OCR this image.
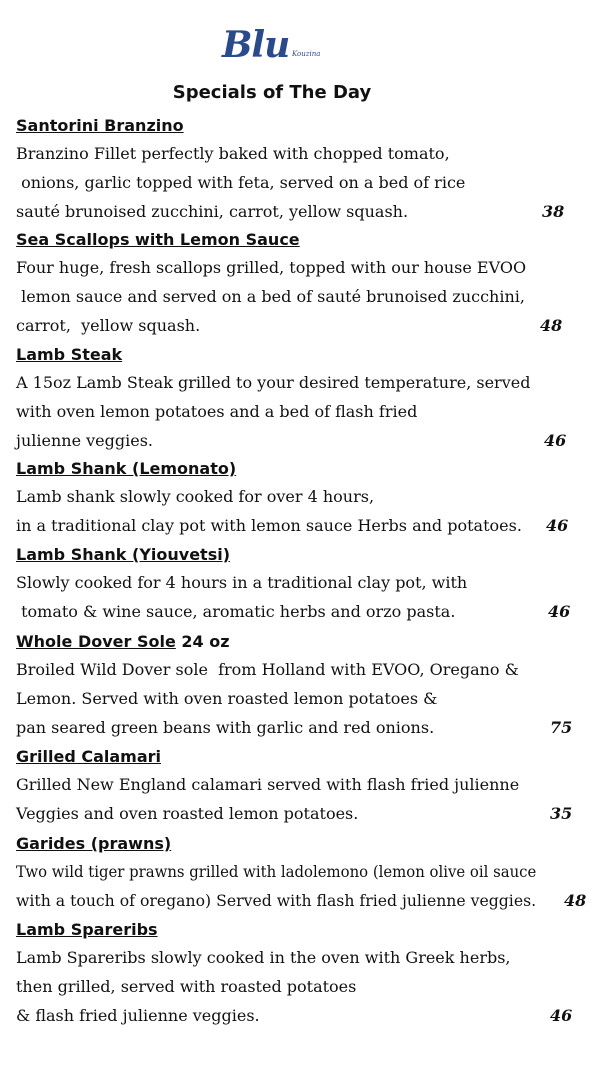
Blu Kouzina
Specials of The Day
Santorini Branzino
Branzino Fillet perfectly baked with chopped tomato,
onions, garlic topped with feta, served on a bed of rice
sauté brunoised zucchini, carrot, yellow squash.	38
Sea Scallops with Lemon Sauce
Four huge, fresh scallops grilled, topped with our house EVOO
lemon sauce and served on a bed of sauté brunoised zucchini,
carrot,  yellow squash.	48
Lamb Steak
A 15oz Lamb Steak grilled to your desired temperature, served
with oven lemon potatoes and a bed of flash fried
julienne veggies.	46
Lamb Shank (Lemonato)
Lamb shank slowly cooked for over 4 hours,
in a traditional clay pot with lemon sauce Herbs and potatoes. 46
Lamb Shank (Yiouvetsi)
Slowly cooked for 4 hours in a traditional clay pot, with
tomato & wine sauce, aromatic herbs and orzo pasta.	46
Whole Dover Sole 24 oz
Broiled Wild Dover sole  from Holland with EVOO, Oregano &
Lemon. Served with oven roasted lemon potatoes &
pan seared green beans with garlic and red onions.	75
Grilled Calamari
Grilled New England calamari served with flash fried julienne
Veggies and oven roasted lemon potatoes.	35
Garides (prawns)
Two wild tiger prawns grilled with ladolemono (lemon olive oil sauce
with a touch of oregano) Served with flash fried julienne veggies. 48
Lamb Spareribs
Lamb Spareribs slowly cooked in the oven with Greek herbs,
then grilled, served with roasted potatoes
& flash fried julienne veggies.	46
